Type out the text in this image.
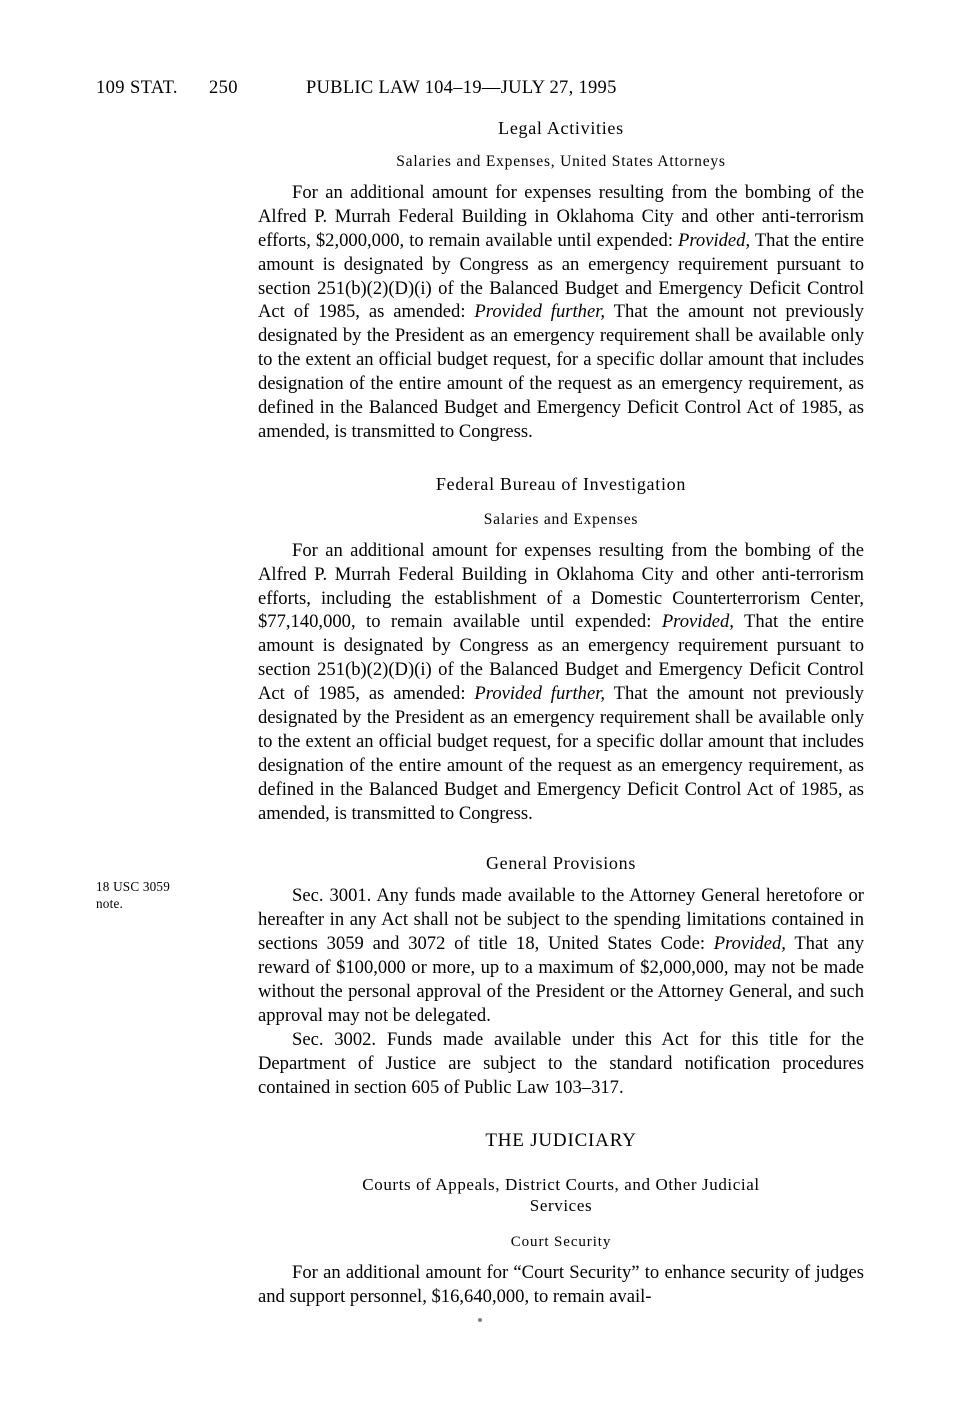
109 STAT. 250	PUBLIC LAW 104–19—JULY 27, 1995
Legal Activities
Salaries and Expenses, United States Attorneys

For an additional amount for expenses resulting from the bombing of the Alfred P. Murrah Federal Building in Oklahoma City and other anti-terrorism efforts, $2,000,000, to remain available until expended: Provided, That the entire amount is designated by Congress as an emergency requirement pursuant to section 251(b)(2)(D)(i) of the Balanced Budget and Emergency Deficit Control Act of 1985, as amended: Provided further, That the amount not previously designated by the President as an emergency requirement shall be available only to the extent an official budget request, for a specific dollar amount that includes designation of the entire amount of the request as an emergency requirement, as defined in the Balanced Budget and Emergency Deficit Control Act of 1985, as amended, is transmitted to Congress.

Federal Bureau of Investigation
Salaries and Expenses

For an additional amount for expenses resulting from the bombing of the Alfred P. Murrah Federal Building in Oklahoma City and other anti-terrorism efforts, including the establishment of a Domestic Counterterrorism Center, $77,140,000, to remain available until expended: Provided, That the entire amount is designated by Congress as an emergency requirement pursuant to section 251(b)(2)(D)(i) of the Balanced Budget and Emergency Deficit Control Act of 1985, as amended: Provided further, That the amount not previously designated by the President as an emergency requirement shall be available only to the extent an official budget request, for a specific dollar amount that includes designation of the entire amount of the request as an emergency requirement, as defined in the Balanced Budget and Emergency Deficit Control Act of 1985, as amended, is transmitted to Congress.

General Provisions

Sec. 3001. Any funds made available to the Attorney General heretofore or hereafter in any Act shall not be subject to the spending limitations contained in sections 3059 and 3072 of title 18, United States Code: Provided, That any reward of $100,000 or more, up to a maximum of $2,000,000, may not be made without the personal approval of the President or the Attorney General, and such approval may not be delegated.

Sec. 3002. Funds made available under this Act for this title for the Department of Justice are subject to the standard notification procedures contained in section 605 of Public Law 103–317.

THE JUDICIARY
Courts of Appeals, District Courts, and Other Judicial
Services
Court Security

For an additional amount for “Court Security” to enhance security of judges and support personnel, $16,640,000, to remain avail-

18 USC 3059
note.
